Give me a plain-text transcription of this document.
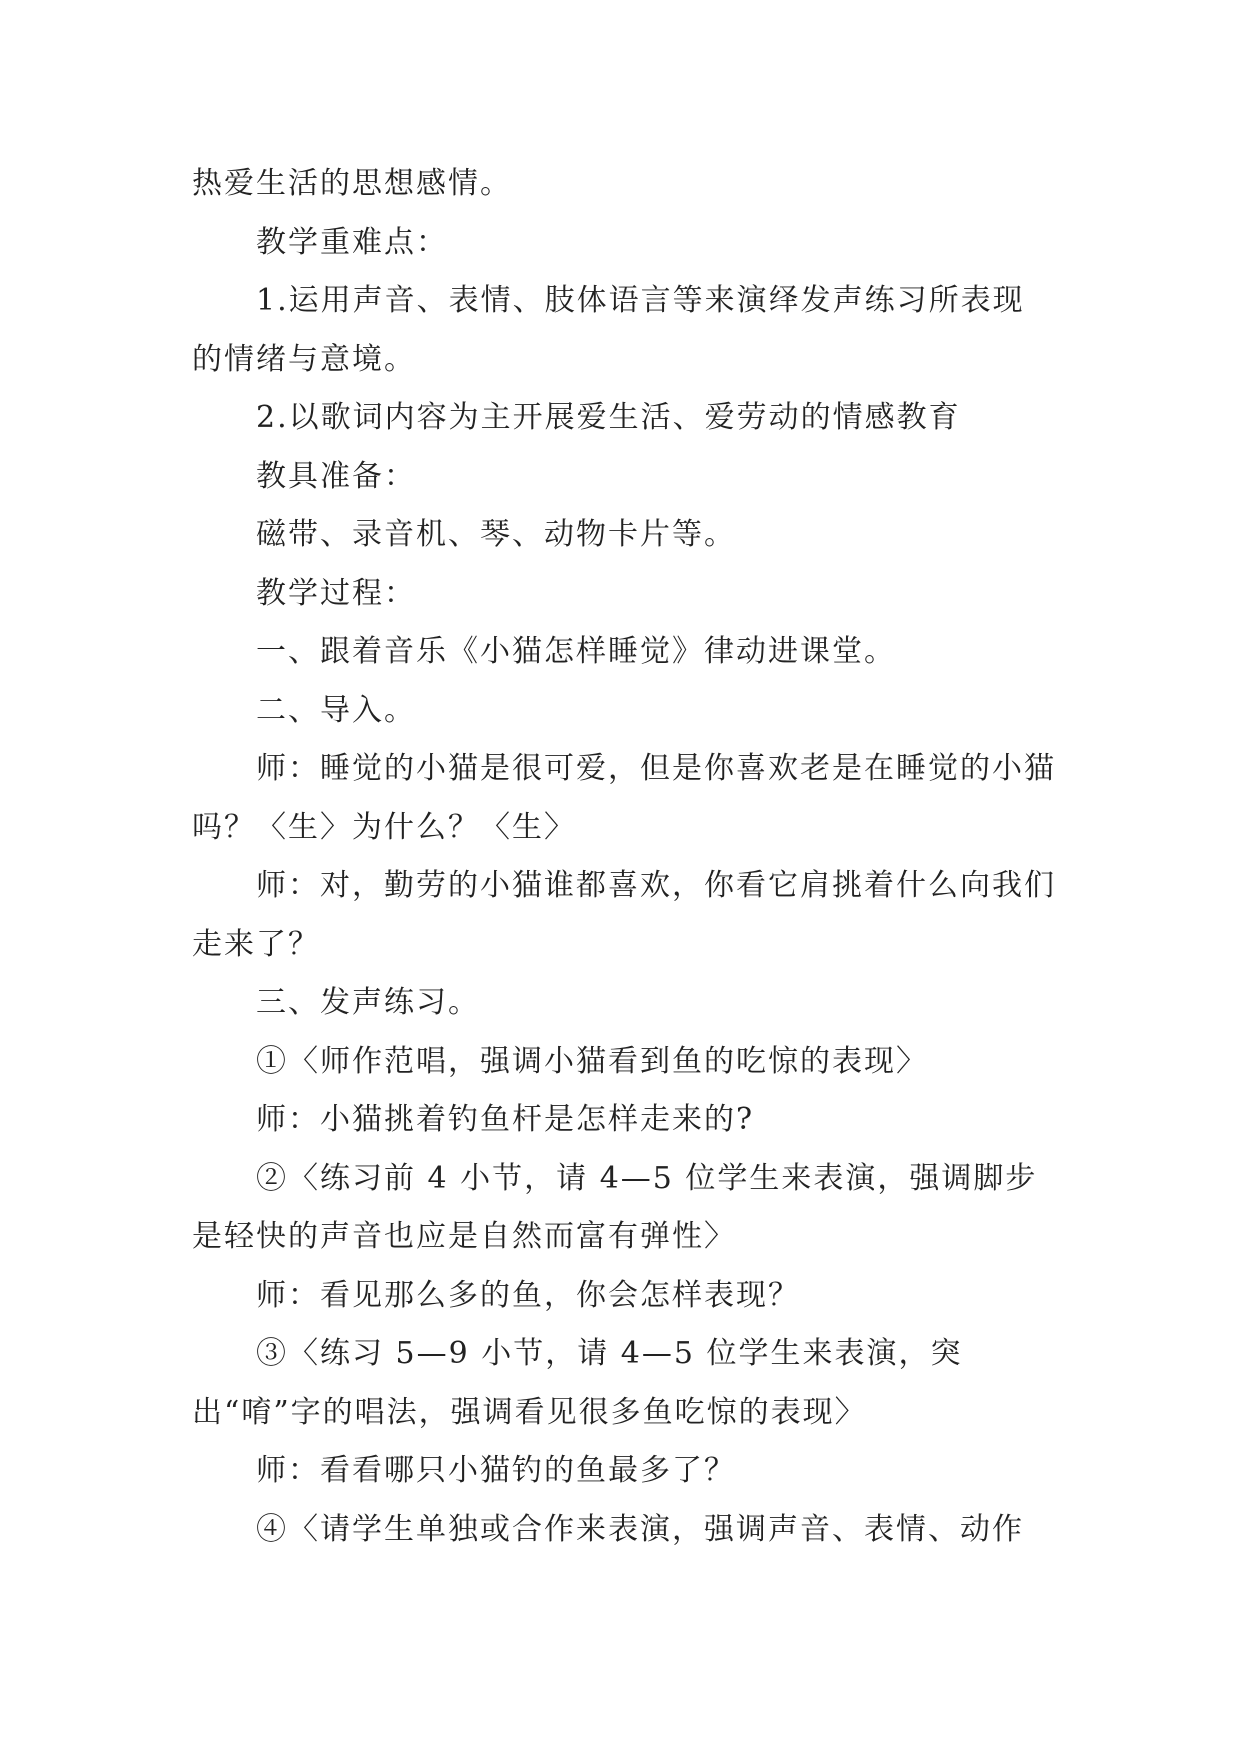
热爱生活的思想感情。

教学重难点：

1.运用声音、表情、肢体语言等来演绎发声练习所表现的情绪与意境。

2.以歌词内容为主开展爱生活、爱劳动的情感教育

教具准备：

磁带、录音机、琴、动物卡片等。

教学过程：

一、跟着音乐《小猫怎样睡觉》律动进课堂。

二、导入。

师：睡觉的小猫是很可爱，但是你喜欢老是在睡觉的小猫吗？〈生〉为什么？〈生〉

师：对，勤劳的小猫谁都喜欢，你看它肩挑着什么向我们走来了？

三、发声练习。

①〈师作范唱，强调小猫看到鱼的吃惊的表现〉

师：小猫挑着钓鱼杆是怎样走来的?

②〈练习前 4 小节，请 4—5 位学生来表演，强调脚步是轻快的声音也应是自然而富有弹性〉

师：看见那么多的鱼，你会怎样表现？

③〈练习 5—9 小节，请 4—5 位学生来表演，突出“唷”字的唱法，强调看见很多鱼吃惊的表现〉

师：看看哪只小猫钓的鱼最多了？

④〈请学生单独或合作来表演，强调声音、表情、动作
